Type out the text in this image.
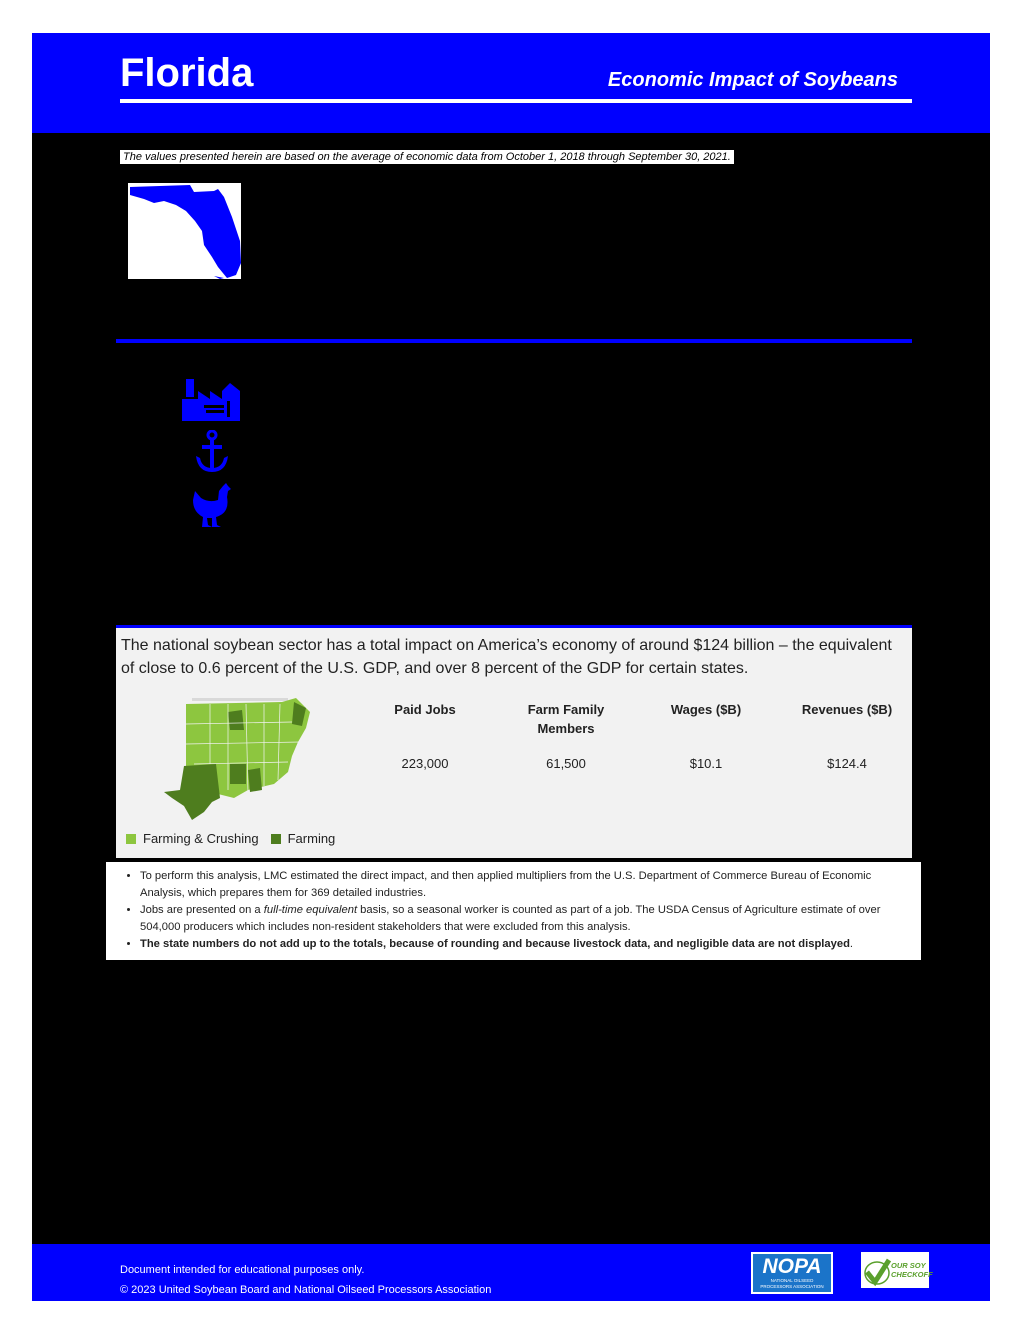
Florida	Economic Impact of Soybeans
The values presented herein are based on the average of economic data from October 1, 2018 through September 30, 2021.
The national soybean sector has a total impact on America’s economy of around $124 billion – the equivalent of close to 0.6 percent of the U.S. GDP, and over 8 percent of the GDP for certain states.
Farming & Crushing Farming
Paid Jobs
223,000
Farm Family Members
61,500
Wages ($B)
$10.1
Revenues ($B)
$124.4
• To perform this analysis, LMC estimated the direct impact, and then applied multipliers from the U.S. Department of Commerce Bureau of Economic Analysis, which prepares them for 369 detailed industries.
• Jobs are presented on a full-time equivalent basis, so a seasonal worker is counted as part of a job. The USDA Census of Agriculture estimate of over 504,000 producers which includes non-resident stakeholders that were excluded from this analysis.
• The state numbers do not add up to the totals, because of rounding and because livestock data, and negligible data are not displayed.
Document intended for educational purposes only.
© 2023 United Soybean Board and National Oilseed Processors Association
NOPA
NATIONAL OILSEED PROCESSORS ASSOCIATION
OUR SOY CHECKOFF
